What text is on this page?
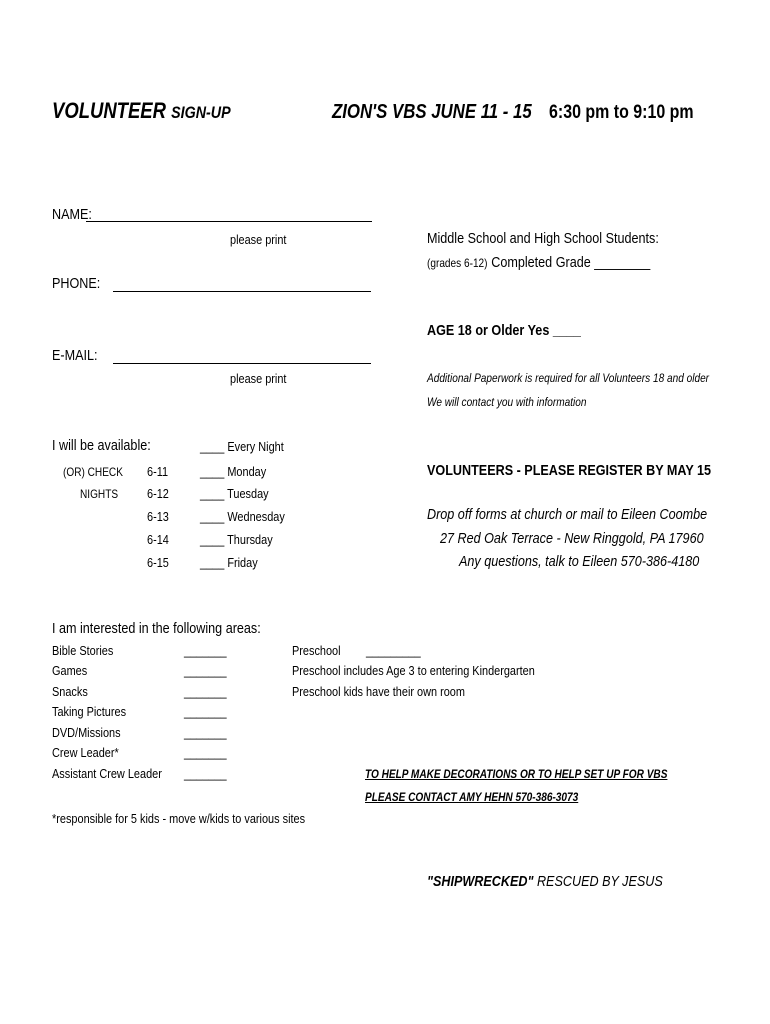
VOLUNTEER SIGN-UP	ZION'S VBS JUNE 11 - 15 6:30 pm to 9:10 pm
NAME:
please print
PHONE:
E-MAIL:
please print
Middle School and High School Students:
(grades 6-12) Completed Grade ________
AGE 18 or Older Yes ____
Additional Paperwork is required for all Volunteers 18 and older
We will contact you with information
I will be available:	____ Every Night
(OR) CHECK
NIGHTS
6-11 ____ Monday
6-12 ____ Tuesday
6-13 ____ Wednesday
6-14 ____ Thursday
6-15 ____ Friday
VOLUNTEERS - PLEASE REGISTER BY MAY 15
Drop off forms at church or mail to Eileen Coombe
27 Red Oak Terrace - New Ringgold, PA 17960
Any questions, talk to Eileen 570-386-4180
I am interested in the following areas:
Bible Stories	_______
Games	_______
Snacks	_______
Taking Pictures	_______
DVD/Missions	_______
Crew Leader*	_______
Assistant Crew Leader _______
*responsible for 5 kids - move w/kids to various sites
Preschool _________
Preschool includes Age 3 to entering Kindergarten
Preschool kids have their own room
TO HELP MAKE DECORATIONS OR TO HELP SET UP FOR VBS
PLEASE CONTACT AMY HEHN 570-386-3073
"SHIPWRECKED" RESCUED BY JESUS
